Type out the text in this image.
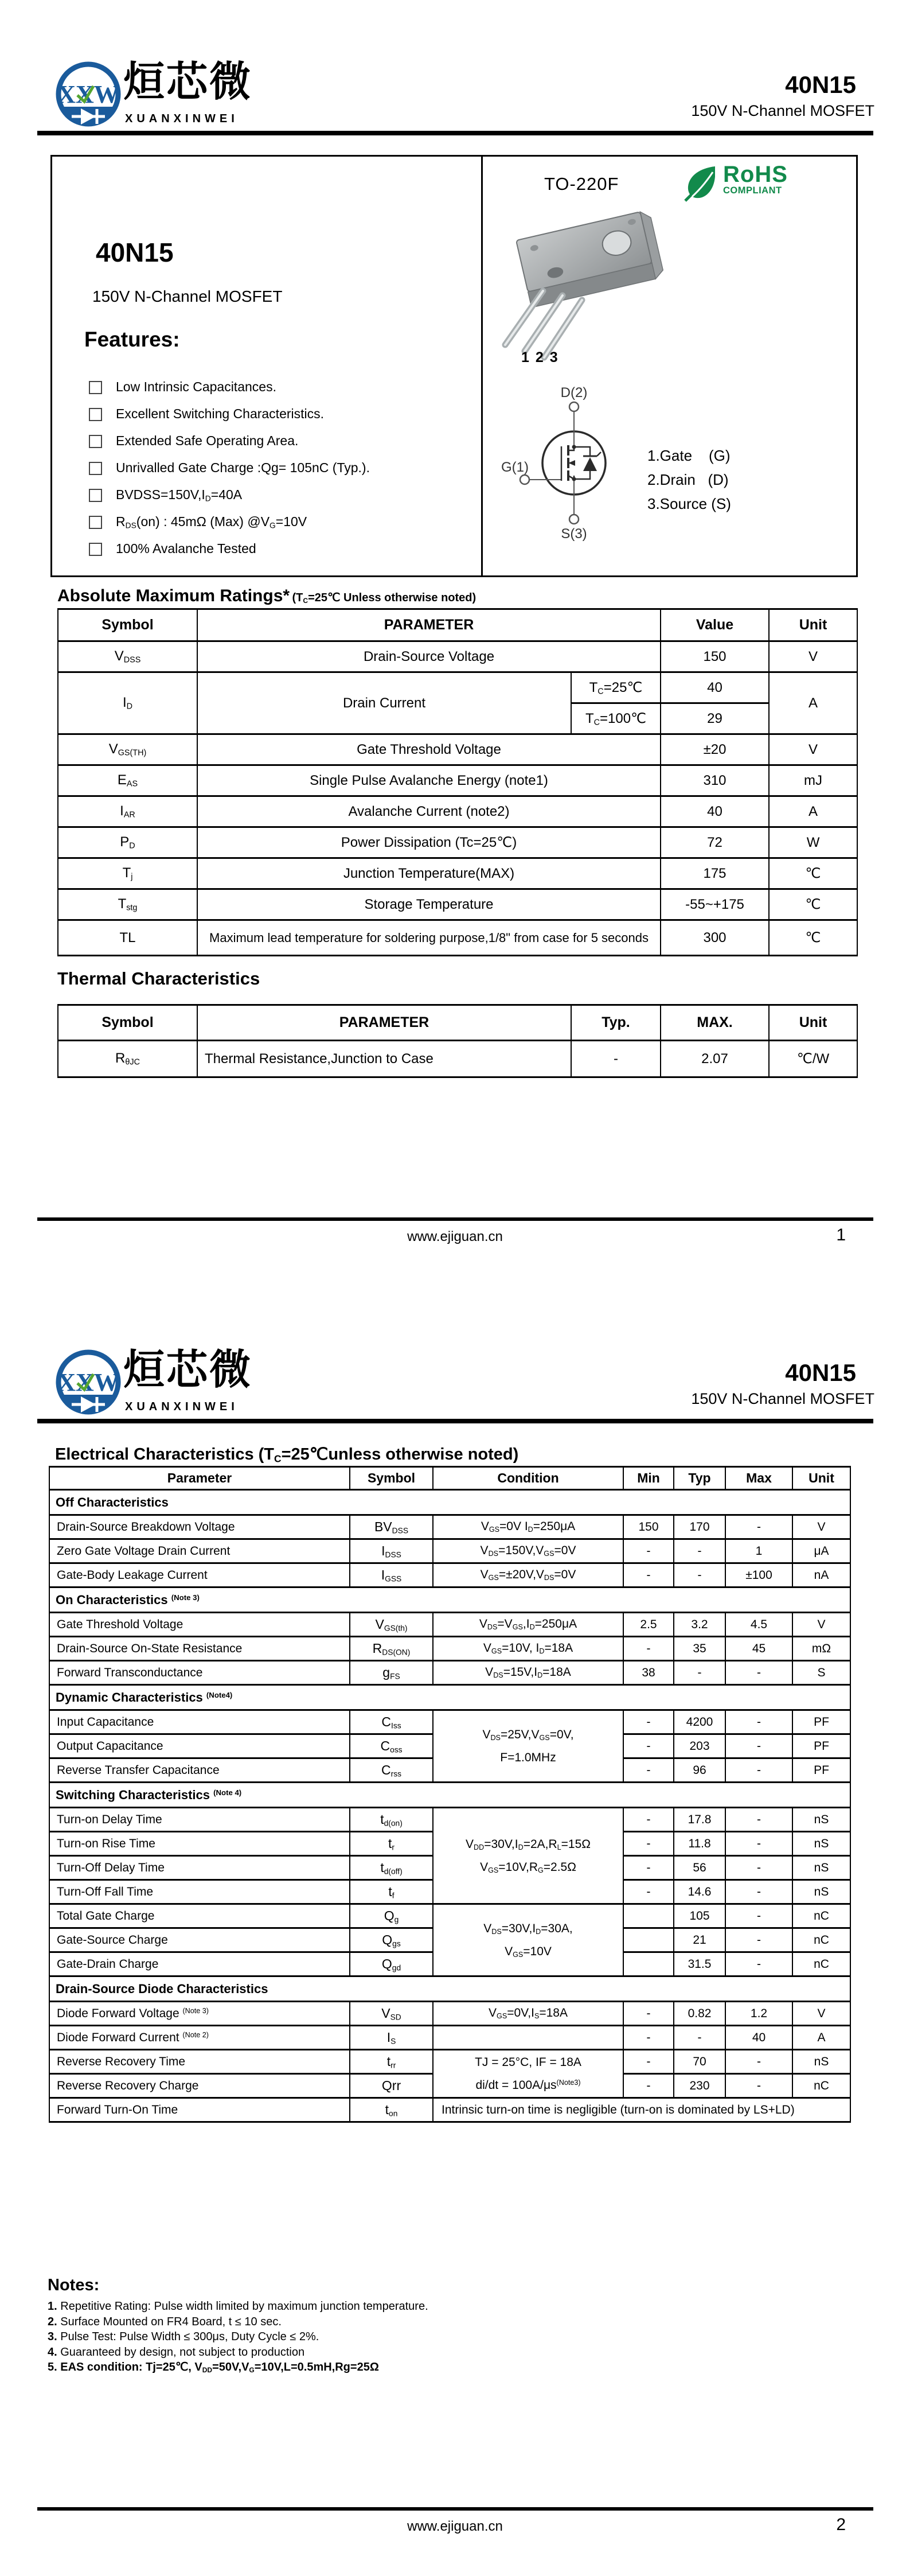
XXW 烜芯微
XUANXINWEI
40N15
150V N-Channel MOSFET
40N15
150V N-Channel MOSFET
Features:
Low Intrinsic Capacitances.
Excellent Switching Characteristics.
Extended Safe Operating Area.
Unrivalled Gate Charge :Qg= 105nC (Typ.).
$BVDSS=150V,I_D=40A$
$R_{DS}(on)$ : 45mΩ (Max) $@V_G=10V$
100% Avalanche Tested
TO-220F	RoHS
COMPLIANT
1 2 3
D(2)
G(1)
S(3)
1.Gate    (G)
2.Drain   (D)
3.Source (S)
Absolute Maximum Ratings* ($T_C=25℃$ Unless otherwise noted)
Symbol	PARAMETER		Value	Unit
$V_{DSS}$	Drain-Source Voltage		150	V
$I_D$	Drain Current	$T_C=25℃$	40	A
		$T_C=100℃$	29	
$V_{GS(TH)}$	Gate Threshold Voltage		±20	V
$E_{AS}$	Single Pulse Avalanche Energy (note1)		310	mJ
$I_{AR}$	Avalanche Current (note2)		40	A
$P_D$	Power Dissipation (Tc=25℃)		72	W
$T_j$	Junction Temperature(MAX)		175	℃
$T_{stg}$	Storage Temperature		-55~+175	℃
TL	Maximum lead temperature for soldering purpose,1/8" from case for 5 seconds		300	℃
Thermal Characteristics
Symbol	PARAMETER	Typ.	MAX.	Unit
$R_{\theta JC}$	Thermal Resistance,Junction to Case	-	2.07	℃/W
www.ejiguan.cn	1
XXW 烜芯微
XUANXINWEI
40N15
150V N-Channel MOSFET
Electrical Characteristics ($T_C=25℃unless$ otherwise noted)
Parameter	Symbol	Condition	Min	Typ	Max	Unit
Off Characteristics						
Drain-Source Breakdown Voltage	$BV_{DSS}$	$V_{GS}=0V$ $I_D=250\mu A$	150	170	-	V
Zero Gate Voltage Drain Current	$I_{DSS}$	$V_{DS}=150V,V_{GS}=0V$	-	-	1	μA
Gate-Body Leakage Current	$I_{GSS}$	$V_{GS}=\pm 20V,V_{DS}=0V$	-	-	±100	nA
On Characteristics $^{(Note 3)}$
Gate Threshold Voltage	$V_{GS(th)}$	$V_{DS}=V_{GS},I_D=250\mu A$	2.5	3.2	4.5	V
Drain-Source On-State Resistance	$R_{DS(ON)}$	$V_{GS}=10V$, $I_D=18A$	-	35	45	mΩ
Forward Transconductance	$g_{FS}$	$V_{DS}=15V,I_D=18A$	38	-	-	S
Dynamic Characteristics $^{(Note4)}$
Input Capacitance	$C_{Iss}$	$V_{DS}=25V,V_{GS}=0V$,
F=1.0MHz	-	4200	-	PF
Output Capacitance	$C_{oss}$		-	203	-	PF
Reverse Transfer Capacitance	$C_{rss}$		-	96	-	PF
Switching Characteristics $^{(Note 4)}$
Turn-on Delay Time	$t_{d(on)}$	$V_{DD}=30V,I_D=2A,R_L=15\Omega$
$V_{GS}=10V,R_G=2.5\Omega$	-	17.8	-	nS
Turn-on Rise Time	$t_r$		-	11.8	-	nS
Turn-Off Delay Time	$t_{d(off)}$		-	56	-	nS
Turn-Off Fall Time	$t_f$		-	14.6	-	nS
Total Gate Charge	$Q_g$	$V_{DS}=30V,I_D=30A$,
$V_{GS}=10V$		105	-	nC
Gate-Source Charge	$Q_{gs}$			21	-	nC
Gate-Drain Charge	$Q_{gd}$			31.5	-	nC
Drain-Source Diode Characteristics						
Diode Forward Voltage $^{(Note 3)}$	$V_{SD}$	$V_{GS}=0V,I_S=18A$	-	0.82	1.2	V
Diode Forward Current $^{(Note 2)}$	$I_S$		-	-	40	A
Reverse Recovery Time	$t_{rr}$	TJ = 25°C, IF = 18A
$di/dt = 100A/\mu s^{(Note3)}$	-	70	-	nS
Reverse Recovery Charge	Qrr		-	230	-	nC
Forward Turn-On Time	$t_{on}$	Intrinsic turn-on time is negligible (turn-on is dominated by LS+LD)				
Notes:
1. Repetitive Rating: Pulse width limited by maximum junction temperature.
2. Surface Mounted on FR4 Board, t ≤ 10 sec.
3. Pulse Test: Pulse Width ≤ 300μs, Duty Cycle ≤ 2%.
4. Guaranteed by design, not subject to production
5. EAS condition: Tj=25℃, $V_{DD}=50V,V_G=10V,L=0.5mH,Rg=25\Omega$
www.ejiguan.cn	2
